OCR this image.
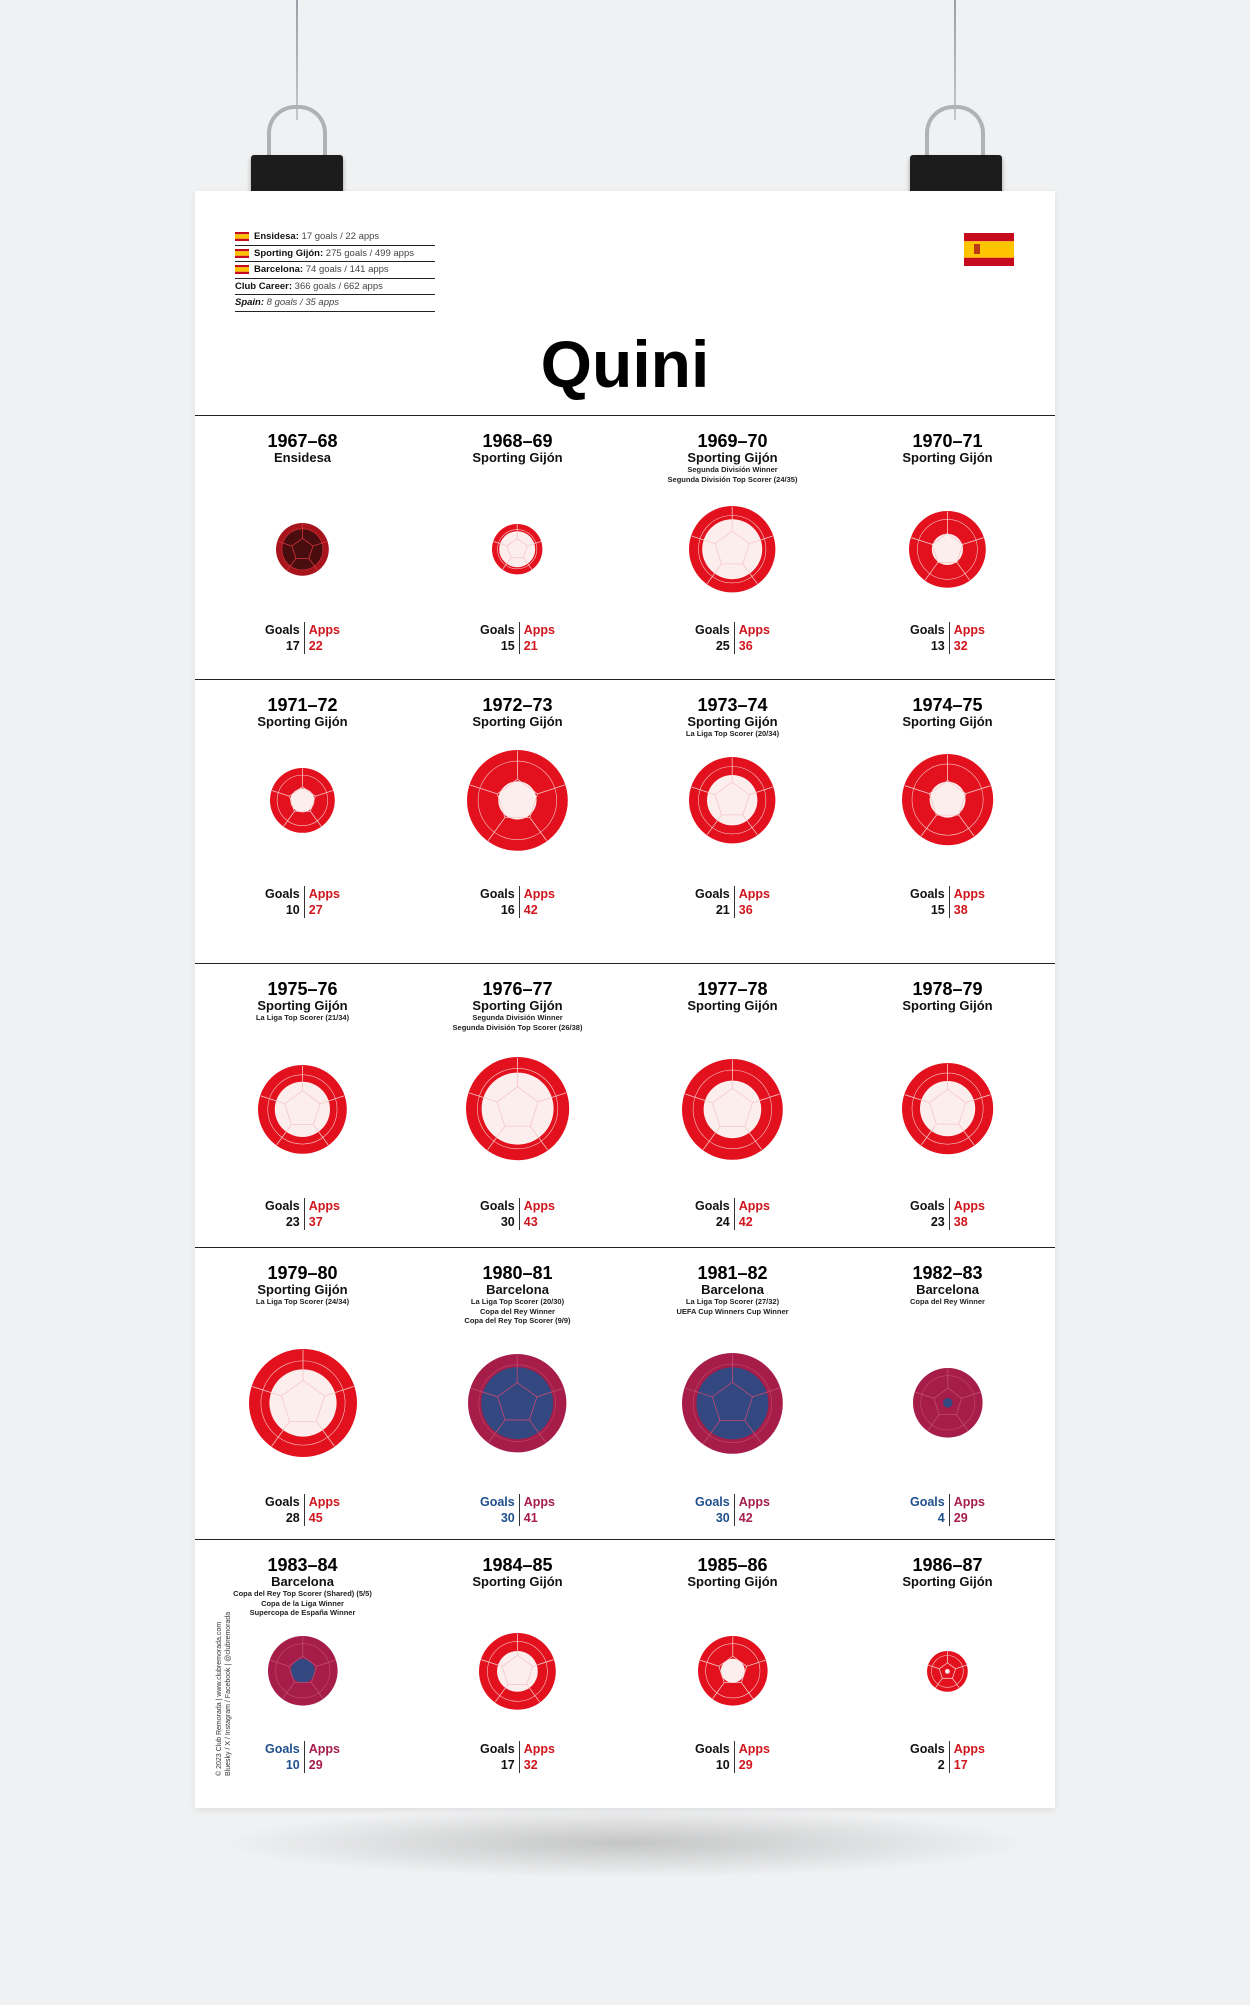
Ensidesa: 17 goals / 22 apps
Sporting Gijón: 275 goals / 499 apps
Barcelona: 74 goals / 141 apps
Club Career: 366 goals / 662 apps
Spain: 8 goals / 35 apps
Quini
1967–68
Ensidesa
Goals
17
Apps
22
1968–69
Sporting Gijón
Goals
15
Apps
21
1969–70
Sporting Gijón
Segunda División Winner
Segunda División Top Scorer (24/35)
Goals
25
Apps
36
1970–71
Sporting Gijón
Goals
13
Apps
32
1971–72
Sporting Gijón
Goals
10
Apps
27
1972–73
Sporting Gijón
Goals
16
Apps
42
1973–74
Sporting Gijón
La Liga Top Scorer (20/34)
Goals
21
Apps
36
1974–75
Sporting Gijón
Goals
15
Apps
38
1975–76
Sporting Gijón
La Liga Top Scorer (21/34)
Goals
23
Apps
37
1976–77
Sporting Gijón
Segunda División Winner
Segunda División Top Scorer (26/38)
Goals
30
Apps
43
1977–78
Sporting Gijón
Goals
24
Apps
42
1978–79
Sporting Gijón
Goals
23
Apps
38
1979–80
Sporting Gijón
La Liga Top Scorer (24/34)
Goals
28
Apps
45
1980–81
Barcelona
La Liga Top Scorer (20/30)
Copa del Rey Winner
Copa del Rey Top Scorer (9/9)
Goals
30
Apps
41
1981–82
Barcelona
La Liga Top Scorer (27/32)
UEFA Cup Winners Cup Winner
Goals
30
Apps
42
1982–83
Barcelona
Copa del Rey Winner
Goals
4
Apps
29
1983–84
Barcelona
Copa del Rey Top Scorer (Shared) (5/5)
Copa de la Liga Winner
Supercopa de España Winner
Goals
10
Apps
29
1984–85
Sporting Gijón
Goals
17
Apps
32
1985–86
Sporting Gijón
Goals
10
Apps
29
1986–87
Sporting Gijón
Goals
2
Apps
17
© 2023 Club Remorada | www.clubremorada.com Bluesky / X / Instagram / Facebook | @clubremorada
